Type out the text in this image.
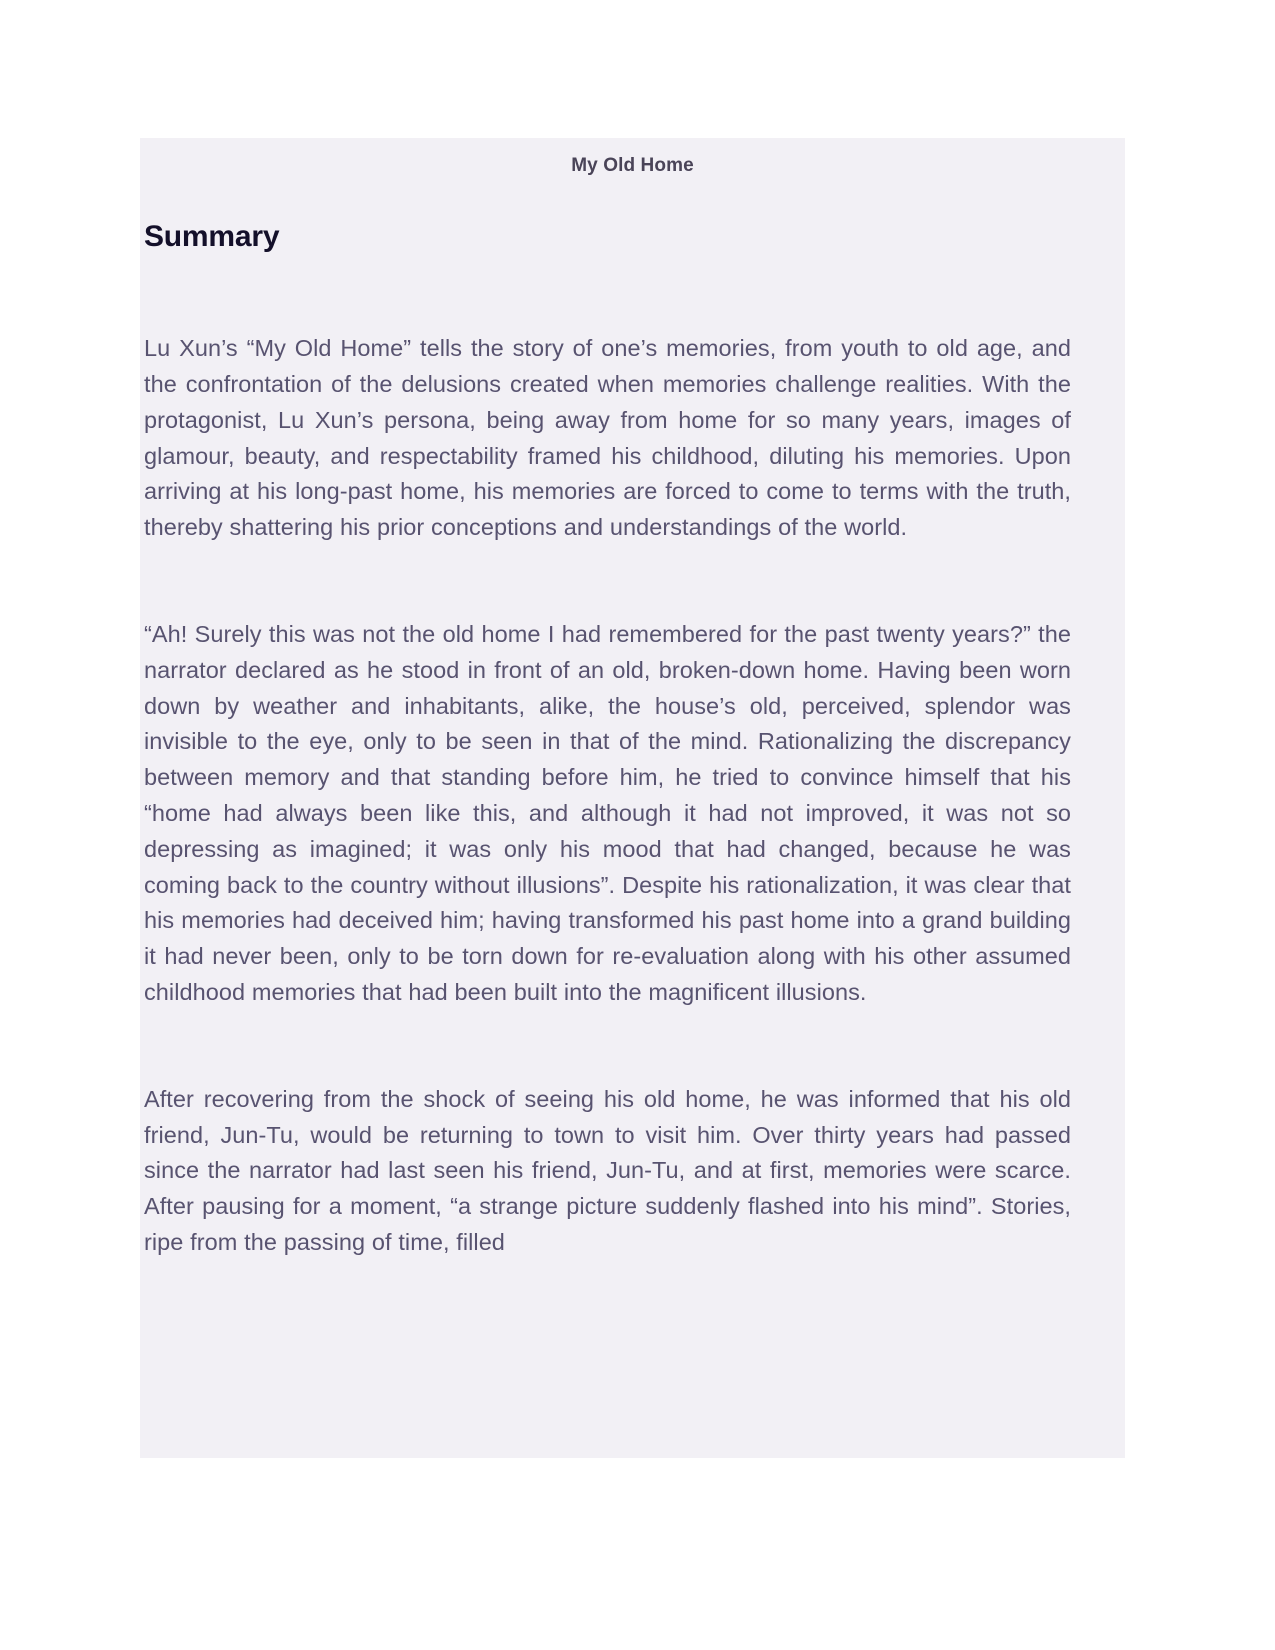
My Old Home
Summary

Lu Xun’s “My Old Home” tells the story of one’s memories, from youth to old age, and the confrontation of the delusions created when memories challenge realities. With the protagonist, Lu Xun’s persona, being away from home for so many years, images of glamour, beauty, and respectability framed his childhood, diluting his memories. Upon arriving at his long-past home, his memories are forced to come to terms with the truth, thereby shattering his prior conceptions and understandings of the world.

“Ah! Surely this was not the old home I had remembered for the past twenty years?” the narrator declared as he stood in front of an old, broken-down home. Having been worn down by weather and inhabitants, alike, the house’s old, perceived, splendor was invisible to the eye, only to be seen in that of the mind. Rationalizing the discrepancy between memory and that standing before him, he tried to convince himself that his “home had always been like this, and although it had not improved, it was not so depressing as imagined; it was only his mood that had changed, because he was coming back to the country without illusions”. Despite his rationalization, it was clear that his memories had deceived him; having transformed his past home into a grand building it had never been, only to be torn down for re-evaluation along with his other assumed childhood memories that had been built into the magnificent illusions.

After recovering from the shock of seeing his old home, he was informed that his old friend, Jun-Tu, would be returning to town to visit him. Over thirty years had passed since the narrator had last seen his friend, Jun-Tu, and at first, memories were scarce. After pausing for a moment, “a strange picture suddenly flashed into his mind”. Stories, ripe from the passing of time, filled
